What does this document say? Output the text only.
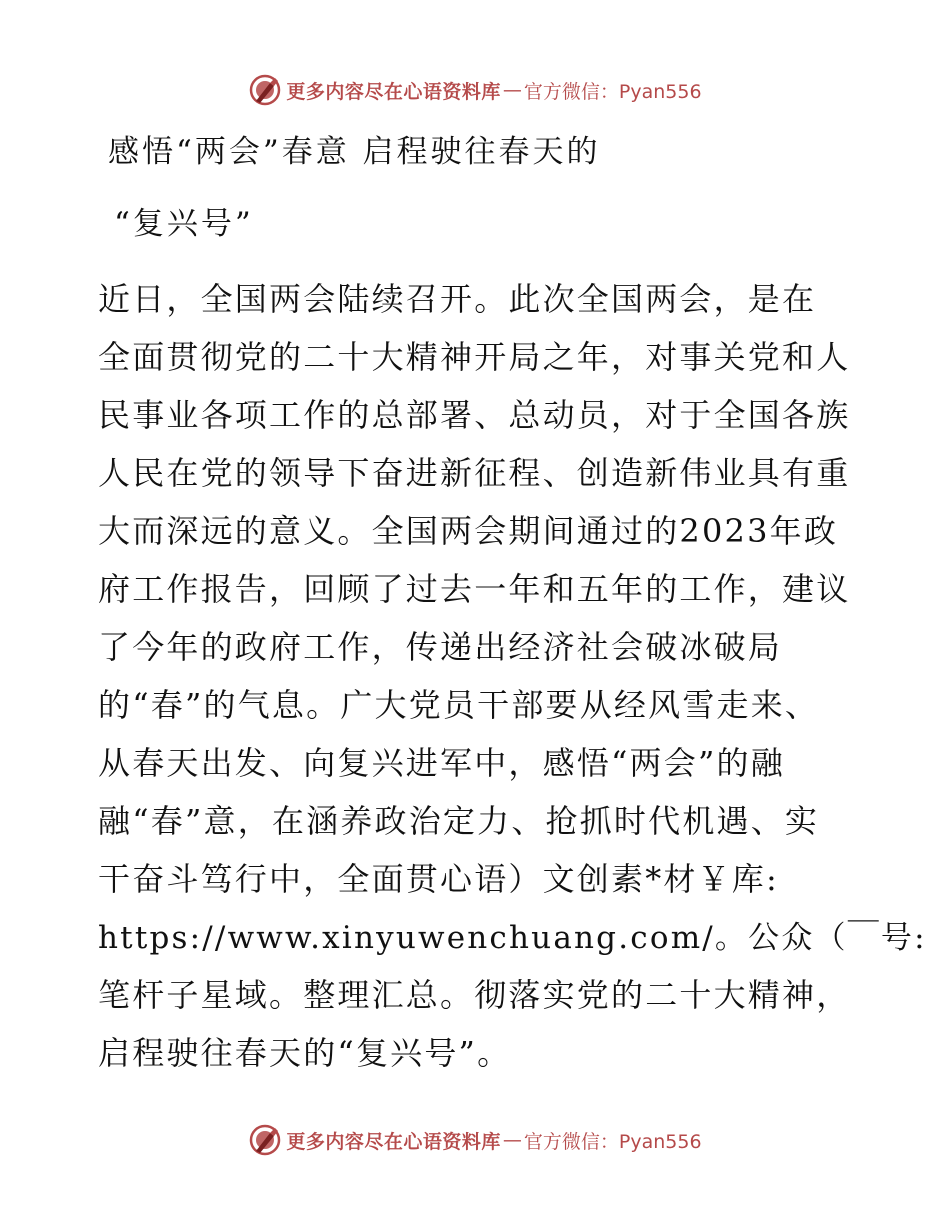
更多内容尽在心语资料库 — 官方微信：Pyan556
感悟“两会”春意 启程驶往春天的
“复兴号”

近日，全国两会陆续召开。此次全国两会，是在

全面贯彻党的二十大精神开局之年，对事关党和人

民事业各项工作的总部署、总动员，对于全国各族

人民在党的领导下奋进新征程、创造新伟业具有重

大而深远的意义。全国两会期间通过的2023年政

府工作报告，回顾了过去一年和五年的工作，建议

了今年的政府工作，传递出经济社会破冰破局

的“春”的气息。广大党员干部要从经风雪走来、

从春天出发、向复兴进军中，感悟“两会”的融

融“春”意，在涵养政治定力、抢抓时代机遇、实

干奋斗笃行中，全面贯心语）文创素*材￥库:

https://www.xinyuwenchuang.com/。公众（￣号:

笔杆子星域。整理汇总。彻落实党的二十大精神，

启程驶往春天的“复兴号”。

更多内容尽在心语资料库 — 官方微信：Pyan556
